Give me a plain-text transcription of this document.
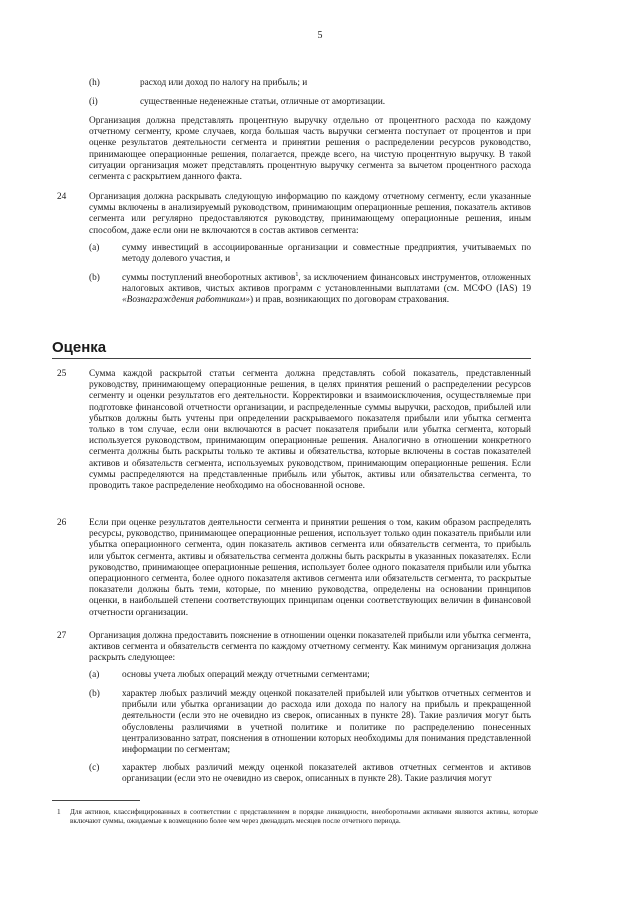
5
(h)	расход или доход по налогу на прибыль; и
(i)	существенные неденежные статьи, отличные от амортизации.
Организация должна представлять процентную выручку отдельно от процентного расхода по каждому отчетному сегменту, кроме случаев, когда большая часть выручки сегмента поступает от процентов и при оценке результатов деятельности сегмента и принятии решения о распределении ресурсов руководство, принимающее операционные решения, полагается, прежде всего, на чистую процентную выручку. В такой ситуации организация может представлять процентную выручку сегмента за вычетом процентного расхода сегмента с раскрытием данного факта.
24	Организация должна раскрывать следующую информацию по каждому отчетному сегменту, если указанные суммы включены в анализируемый руководством, принимающим операционные решения, показатель активов сегмента или регулярно предоставляются руководству, принимающему операционные решения, иным способом, даже если они не включаются в состав активов сегмента:
(a)	сумму инвестиций в ассоциированные организации и совместные предприятия, учитываемых по методу долевого участия, и
(b)	суммы поступлений внеоборотных активов$^1$, за исключением финансовых инструментов, отложенных налоговых активов, чистых активов программ с установленными выплатами (см. МСФО (IAS) 19 «Вознаграждения работникам») и прав, возникающих по договорам страхования.
Оценка
25	Сумма каждой раскрытой статьи сегмента должна представлять собой показатель, представленный руководству, принимающему операционные решения, в целях принятия решений о распределении ресурсов сегменту и оценки результатов его деятельности. Корректировки и взаимоисключения, осуществляемые при подготовке финансовой отчетности организации, и распределенные суммы выручки, расходов, прибылей или убытков должны быть учтены при определении раскрываемого показателя прибыли или убытка сегмента только в том случае, если они включаются в расчет показателя прибыли или убытка сегмента, который используется руководством, принимающим операционные решения. Аналогично в отношении конкретного сегмента должны быть раскрыты только те активы и обязательства, которые включены в состав показателей активов и обязательств сегмента, используемых руководством, принимающим операционные решения. Если суммы распределяются на представленные прибыль или убыток, активы или обязательства сегмента, то проводить такое распределение необходимо на обоснованной основе.
26	Если при оценке результатов деятельности сегмента и принятии решения о том, каким образом распределять ресурсы, руководство, принимающее операционные решения, использует только один показатель прибыли или убытка операционного сегмента, один показатель активов сегмента или обязательств сегмента, то прибыль или убыток сегмента, активы и обязательства сегмента должны быть раскрыты в указанных показателях. Если руководство, принимающее операционные решения, использует более одного показателя прибыли или убытка операционного сегмента, более одного показателя активов сегмента или обязательств сегмента, то раскрытые показатели должны быть теми, которые, по мнению руководства, определены на основании принципов оценки, в наибольшей степени соответствующих принципам оценки соответствующих величин в финансовой отчетности организации.
27	Организация должна предоставить пояснение в отношении оценки показателей прибыли или убытка сегмента, активов сегмента и обязательств сегмента по каждому отчетному сегменту. Как минимум организация должна раскрыть следующее:
(a)	основы учета любых операций между отчетными сегментами;
(b)	характер любых различий между оценкой показателей прибылей или убытков отчетных сегментов и прибыли или убытка организации до расхода или дохода по налогу на прибыль и прекращенной деятельности (если это не очевидно из сверок, описанных в пункте 28). Такие различия могут быть обусловлены различиями в учетной политике и политике по распределению понесенных централизованно затрат, пояснения в отношении которых необходимы для понимания представленной информации по сегментам;
(c)	характер любых различий между оценкой показателей активов отчетных сегментов и активов организации (если это не очевидно из сверок, описанных в пункте 28). Такие различия могут
1 Для активов, классифицированных в соответствии с представлением в порядке ликвидности, внеоборотными активами являются активы, которые включают суммы, ожидаемые к возмещению более чем через двенадцать месяцев после отчетного периода.
